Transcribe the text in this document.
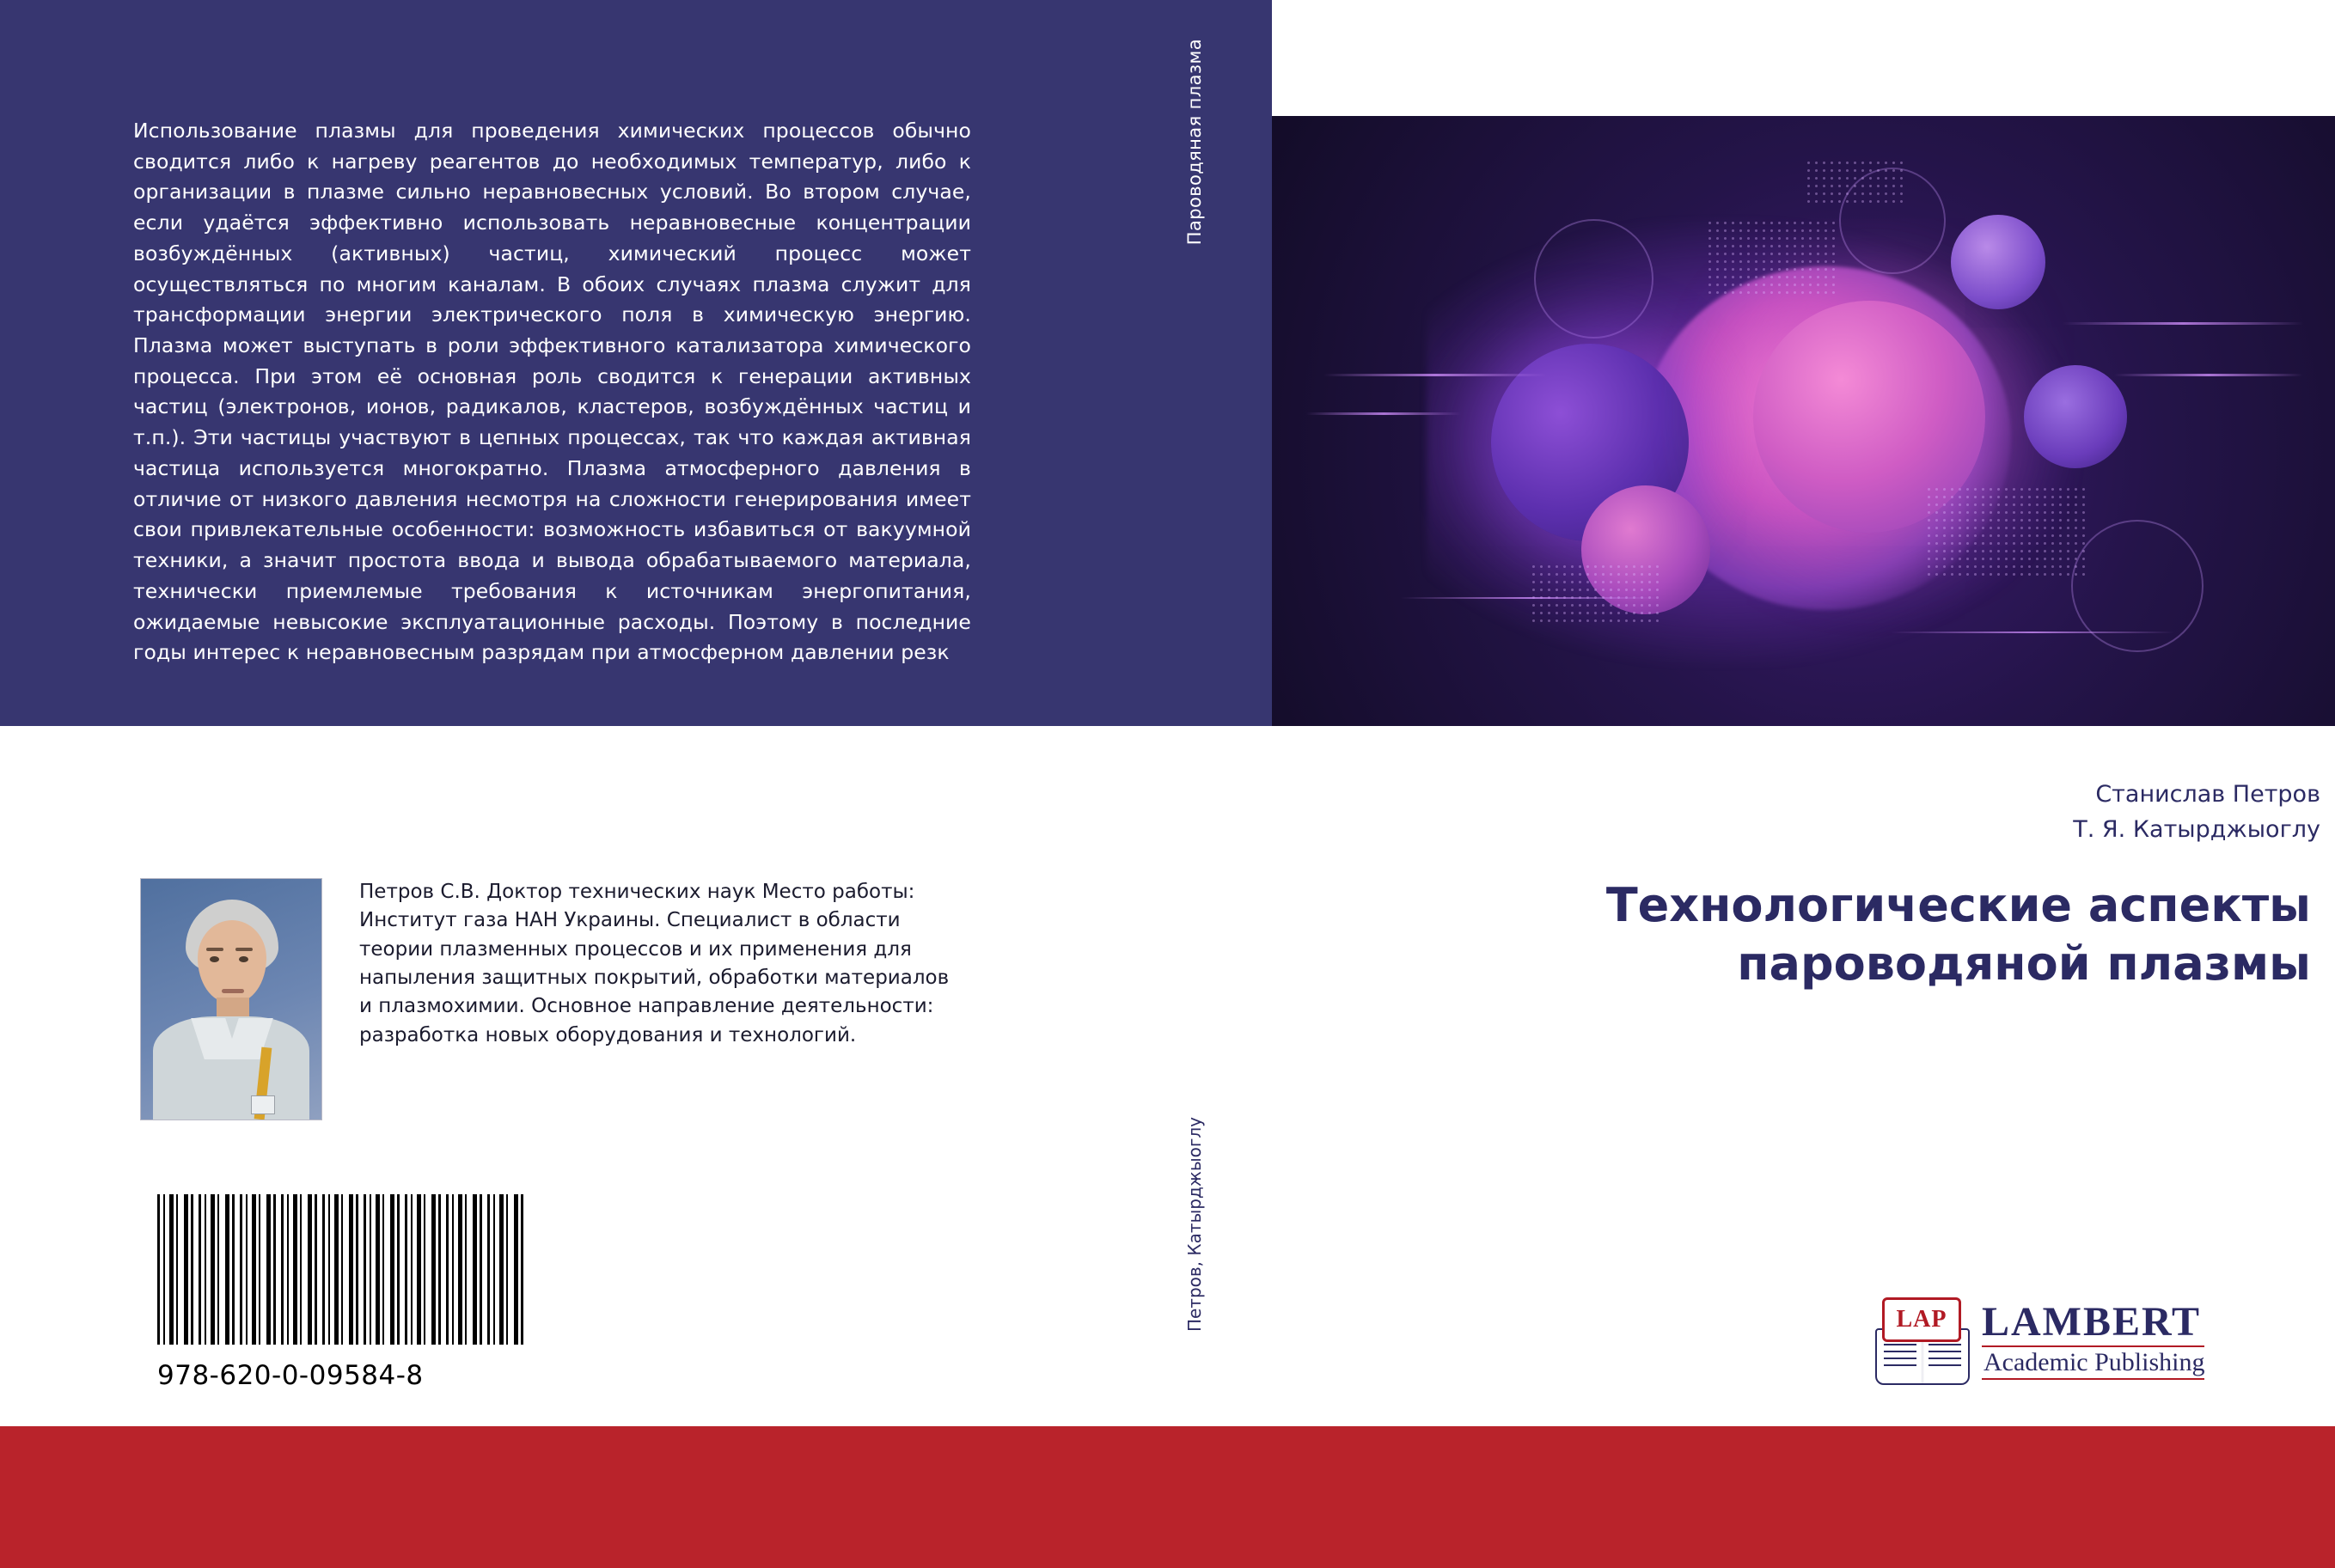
Использование плазмы для проведения химических процессов обычно сводится либо к нагреву реагентов до необходимых температур, либо к организации в плазме сильно неравновесных условий. Во втором случае, если удаётся эффективно использовать неравновесные концентрации возбуждённых (активных) частиц, химический процесс может осуществляться по многим каналам. В обоих случаях плазма служит для трансформации энергии электрического поля в химическую энергию. Плазма может выступать в роли эффективного катализатора химического процесса. При этом её основная роль сводится к генерации активных частиц (электронов, ионов, радикалов, кластеров, возбуждённых частиц и т.п.). Эти частицы участвуют в цепных процессах, так что каждая активная частица используется многократно. Плазма атмосферного давления в отличие от низкого давления несмотря на сложности генерирования имеет свои привлекательные особенности: возможность избавиться от вакуумной техники, а значит простота ввода и вывода обрабатываемого материала, технически приемлемые требования к источникам энергопитания, ожидаемые невысокие эксплуатационные расходы. Поэтому в последние годы интерес к неравновесным разрядам при атмосферном давлении резк
Пароводяная плазма
Петров, Катырджыоглу
Станислав Петров
Т. Я. Катырджыоглу
Технологические аспекты пароводяной плазмы
LAP LAMBERT
Academic Publishing
Петров С.В. Доктор технических наук Место работы: Институт газа НАН Украины. Специалист в области теории плазменных процессов и их применения для напыления защитных покрытий, обработки материалов и плазмохимии. Основное направление деятельности: разработка новых оборудования и технологий.
978-620-0-09584-8
